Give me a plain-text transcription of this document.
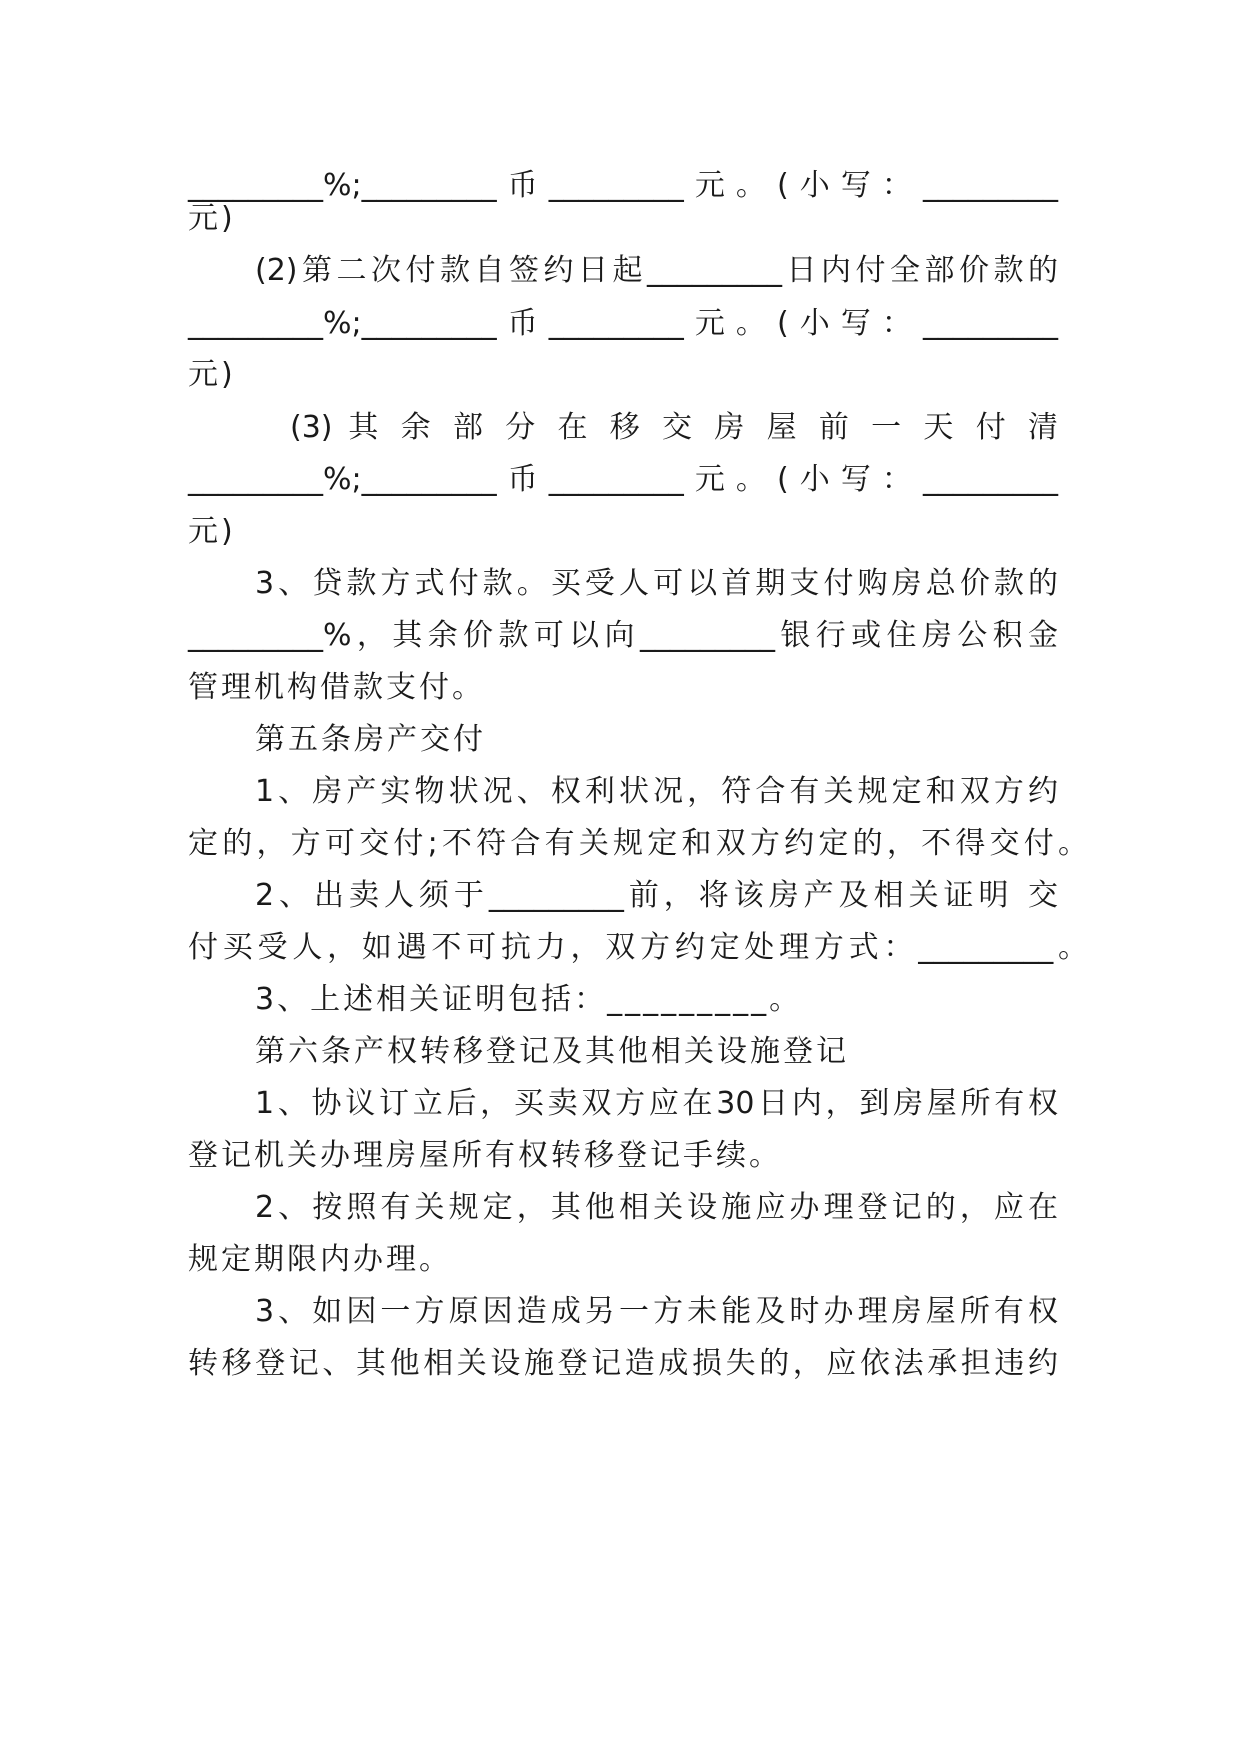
_________%;_________币_________元。(小写：_________
元)
(2)第二次付款自签约日起_________日内付全部价款的
_________%;_________币_________元。(小写：_________
元)
(3) 其 余 部 分 在 移 交 房 屋 前 一 天 付 清
_________%;_________币_________元。(小写：_________
元)
3、贷款方式付款。买受人可以首期支付购房总价款的
_________%，其余价款可以向_________银行或住房公积金
管理机构借款支付。
第五条房产交付
1、房产实物状况、权利状况，符合有关规定和双方约
定的，方可交付;不符合有关规定和双方约定的，不得交付。
2、出卖人须于_________前，将该房产及相关证明 交
付买受人，如遇不可抗力，双方约定处理方式：_________。
3、上述相关证明包括：_________。
第六条产权转移登记及其他相关设施登记
1、协议订立后，买卖双方应在30日内，到房屋所有权
登记机关办理房屋所有权转移登记手续。
2、按照有关规定，其他相关设施应办理登记的，应在
规定期限内办理。
3、如因一方原因造成另一方未能及时办理房屋所有权
转移登记、其他相关设施登记造成损失的，应依法承担违约
